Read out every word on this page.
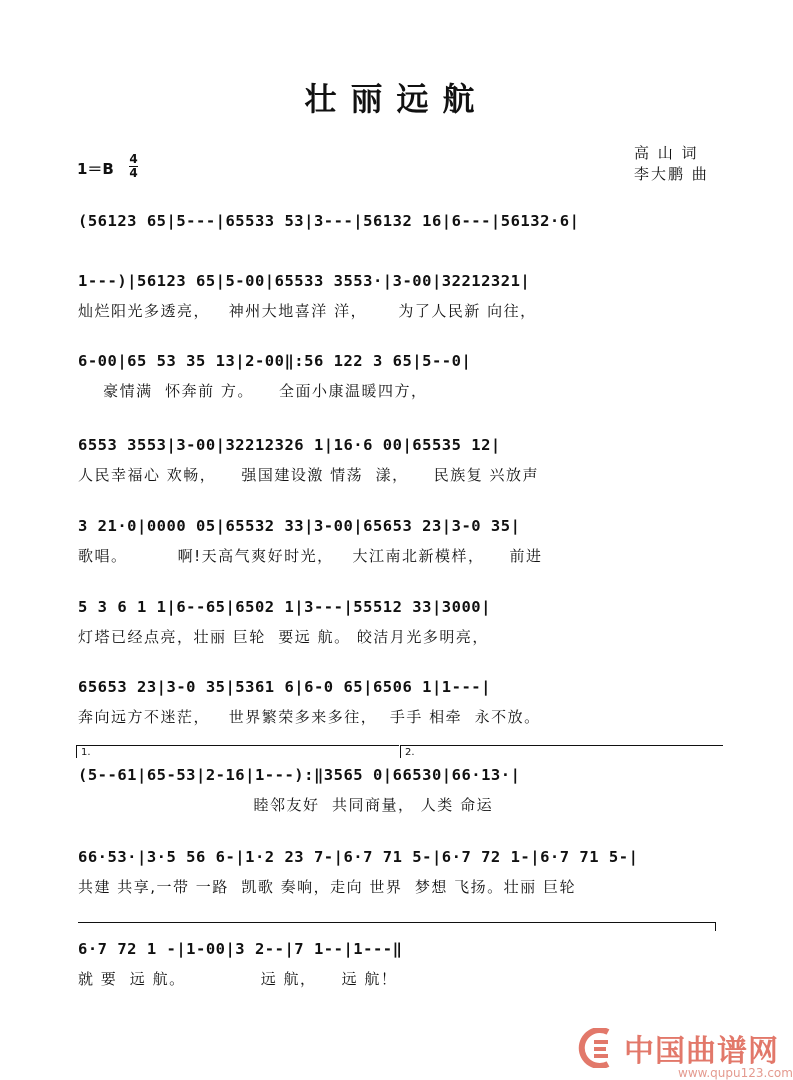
壮丽远航
高 山 词
李大鹏 曲
1＝B
4
4
(56123 65|5---|65533 53|3---|56132 16|6---|56132·6|
1---)|56123 65|5-00|65533 3553·|3-00|32212321|
灿烂阳光多透亮，   神州大地喜洋 洋，     为了人民新 向往，
6-00|65 53 35 13|2-00‖:56 122 3 65|5--0|
豪情满  怀奔前 方。    全面小康温暖四方，
6553 3553|3-00|32212326 1|16·6 00|65535 12|
人民幸福心 欢畅，    强国建设激 情荡  漾，    民族复 兴放声
3 21·0|0000 05|65532 33|3-00|65653 23|3-0 35|
歌唱。        啊!天高气爽好时光，   大江南北新模样，    前进
5 3 6 1 1|6--65|6502 1|3---|55512 33|3000|
灯塔已经点亮，壮丽 巨轮  要远 航。 皎洁月光多明亮，
65653 23|3-0 35|5361 6|6-0 65|6506 1|1---|
奔向远方不迷茫，   世界繁荣多来多往，  手手 相牵  永不放。
1.	2.
(5--61|65-53|2-16|1---):‖3565 0|66530|66·13·|
睦邻友好  共同商量， 人类 命运
66·53·|3·5 56 6-|1·2 23 7-|6·7 71 5-|6·7 72 1-|6·7 71 5-|
共建 共享,一带 一路  凯歌 奏响，走向 世界  梦想 飞扬。壮丽 巨轮
6·7 72 1 -|1-00|3 2--|7 1--|1---‖
就 要  远 航。            远 航，    远 航！
中国曲谱网
www.qupu123.com
